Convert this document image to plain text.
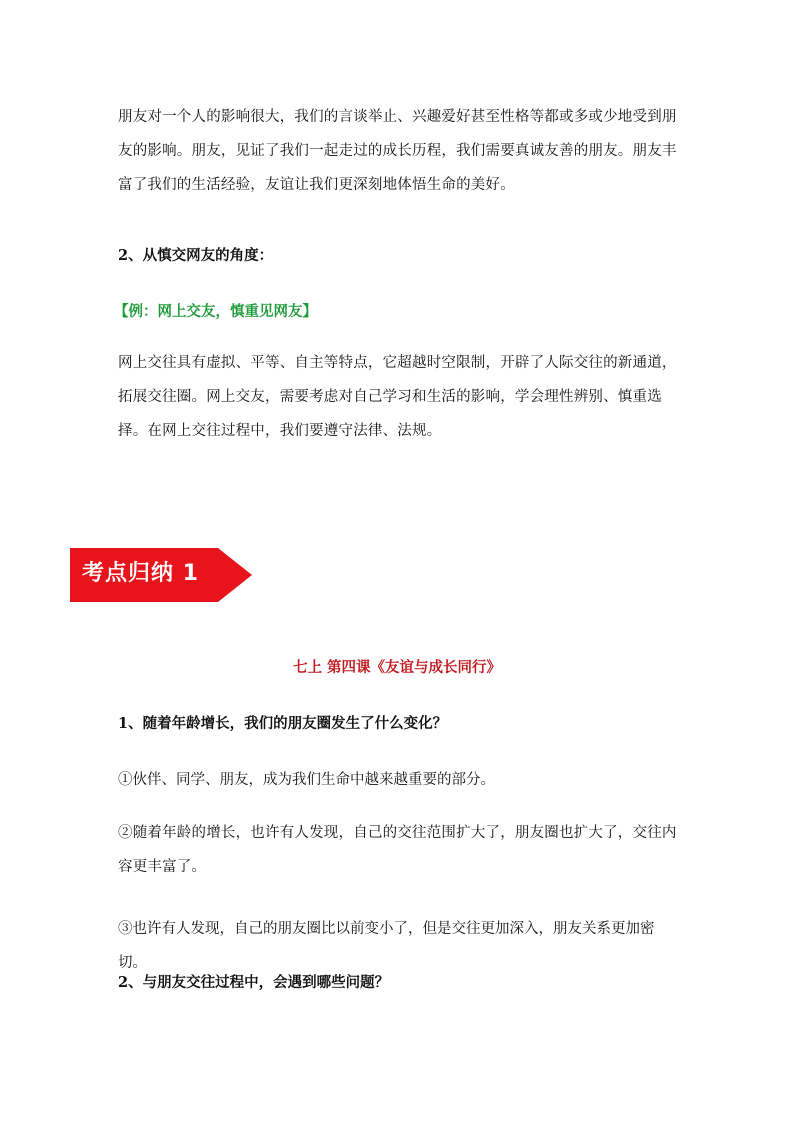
朋友对一个人的影响很大，我们的言谈举止、兴趣爱好甚至性格等都或多或少地受到朋友的影响。朋友，见证了我们一起走过的成长历程，我们需要真诚友善的朋友。朋友丰富了我们的生活经验，友谊让我们更深刻地体悟生命的美好。

2、从慎交网友的角度：

【例：网上交友，慎重见网友】

网上交往具有虚拟、平等、自主等特点，它超越时空限制，开辟了人际交往的新通道，拓展交往圈。网上交友，需要考虑对自己学习和生活的影响，学会理性辨别、慎重选择。在网上交往过程中，我们要遵守法律、法规。

考点归纳 1

七上 第四课《友谊与成长同行》

1、随着年龄增长，我们的朋友圈发生了什么变化？

①伙伴、同学、朋友，成为我们生命中越来越重要的部分。

②随着年龄的增长，也许有人发现，自己的交往范围扩大了，朋友圈也扩大了，交往内容更丰富了。

③也许有人发现，自己的朋友圈比以前变小了，但是交往更加深入，朋友关系更加密切。

2、与朋友交往过程中，会遇到哪些问题？
